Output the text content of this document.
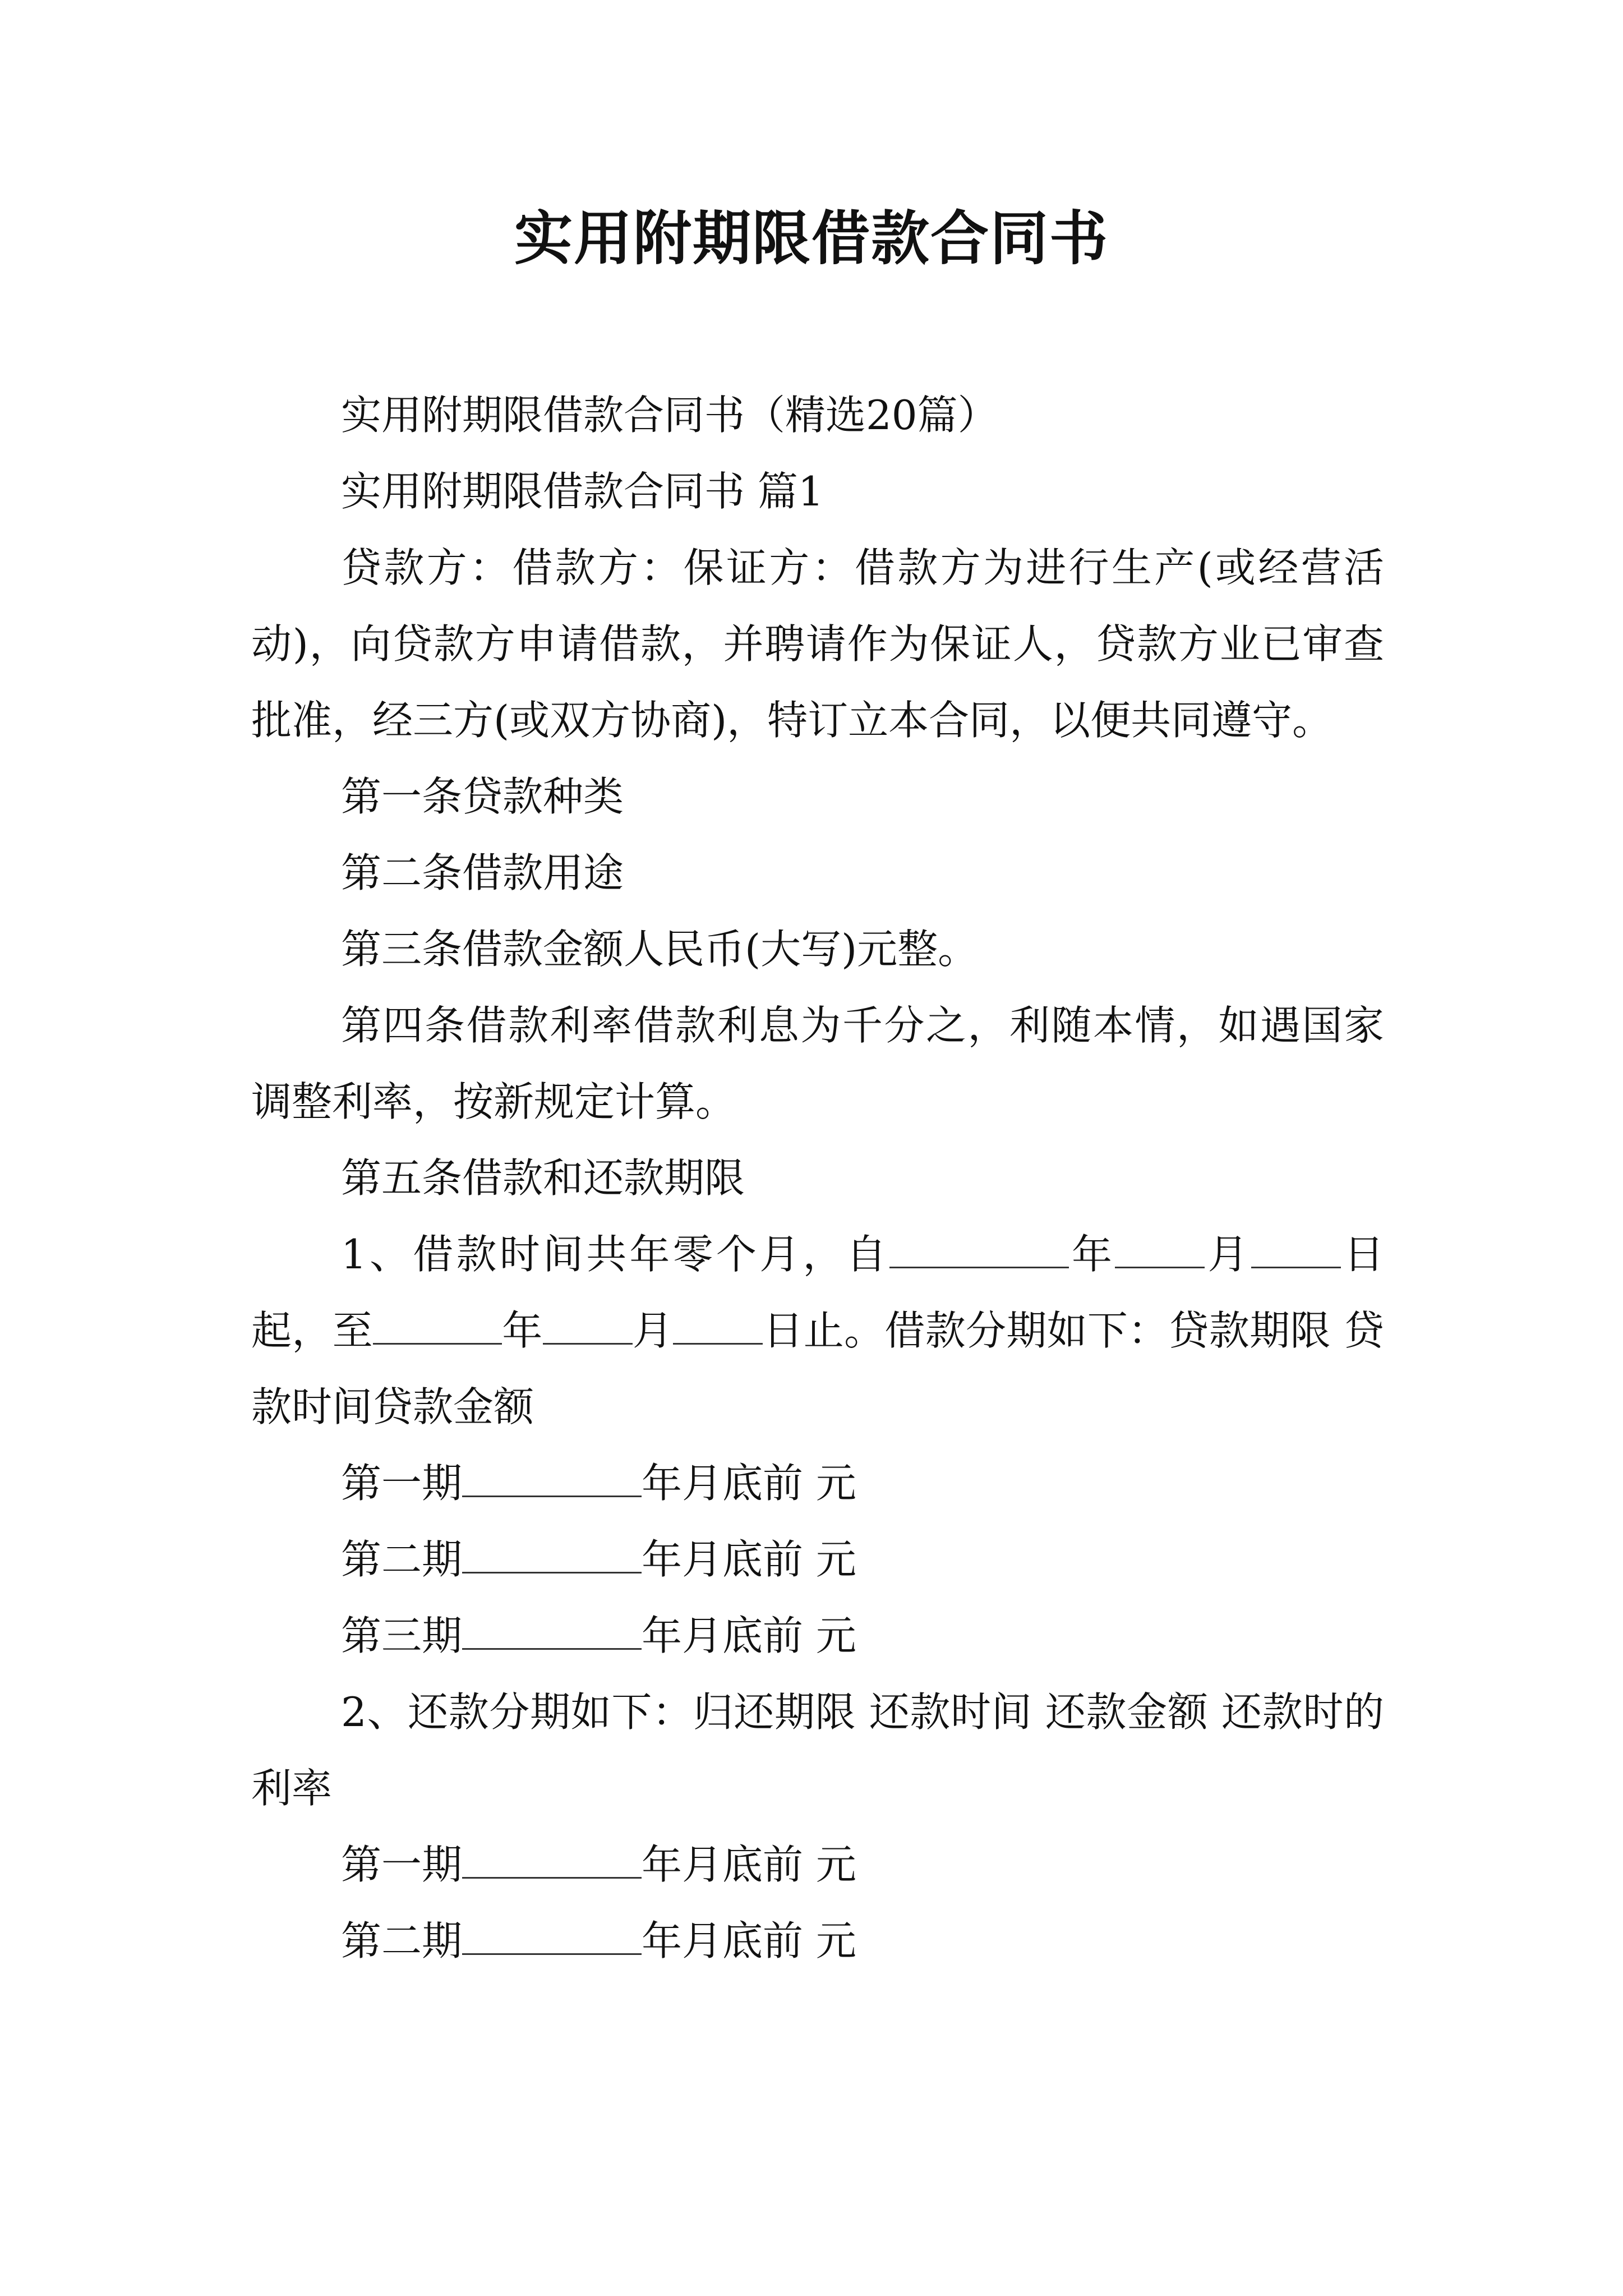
实用附期限借款合同书

实用附期限借款合同书（精选20篇）

实用附期限借款合同书 篇1

贷款方：借款方：保证方：借款方为进行生产(或经营活动)，向贷款方申请借款，并聘请作为保证人，贷款方业已审查批准，经三方(或双方协商)，特订立本合同，以便共同遵守。

第一条贷款种类

第二条借款用途

第三条借款金额人民币(大写)元整。

第四条借款利率借款利息为千分之，利随本情，如遇国家调整利率，按新规定计算。

第五条借款和还款期限

1、借款时间共年零个月，自	年 月 日起，至	年 月 日止。借款分期如下：贷款期限 贷款时间贷款金额

第一期	年月底前 元

第二期	年月底前 元

第三期	年月底前 元

2、还款分期如下：归还期限 还款时间 还款金额 还款时的利率

第一期	年月底前 元

第二期	年月底前 元
